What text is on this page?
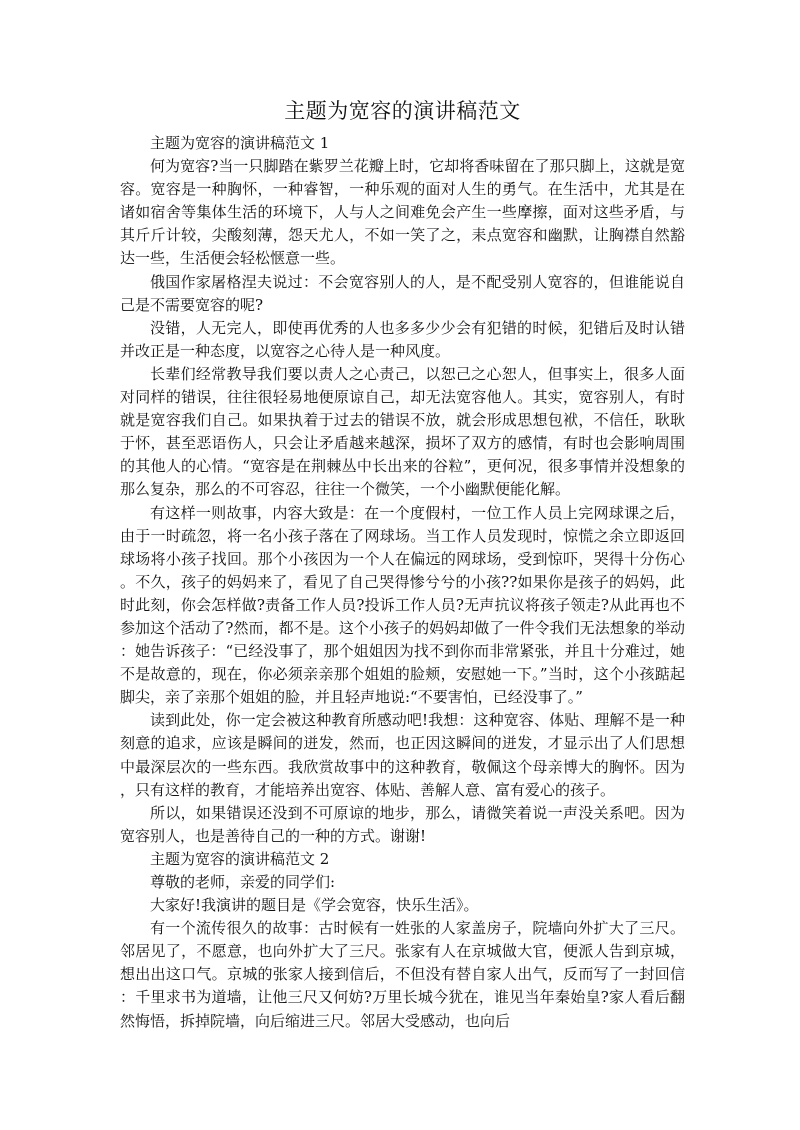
主题为宽容的演讲稿范文

主题为宽容的演讲稿范文 1

何为宽容?当一只脚踏在紫罗兰花瓣上时，它却将香味留在了那只脚上，这就是宽容。宽容是一种胸怀，一种睿智，一种乐观的面对人生的勇气。在生活中，尤其是在诸如宿舍等集体生活的环境下，人与人之间难免会产生一些摩擦，面对这些矛盾，与其斤斤计较，尖酸刻薄，怨天尤人，不如一笑了之，耒点宽容和幽默，让胸襟自然豁达一些，生活便会轻松惬意一些。

俄国作家屠格涅夫说过：不会宽容别人的人，是不配受别人宽容的，但谁能说自己是不需要宽容的呢?

没错，人无完人，即使再优秀的人也多多少少会有犯错的时候，犯错后及时认错并改正是一种态度，以宽容之心待人是一种风度。

长辈们经常教导我们要以责人之心责己，以恕己之心恕人，但事实上，很多人面对同样的错误，往往很轻易地便原谅自己，却无法宽容他人。其实，宽容别人，有时就是宽容我们自己。如果执着于过去的错误不放，就会形成思想包袱，不信任，耿耿于怀，甚至恶语伤人，只会让矛盾越来越深，损坏了双方的感情，有时也会影响周围的其他人的心情。“宽容是在荆棘丛中长出来的谷粒”，更何况，很多事情并没想象的那么复杂，那么的不可容忍，往往一个微笑，一个小幽默便能化解。

有这样一则故事，内容大致是：在一个度假村，一位工作人员上完网球课之后，由于一时疏忽，将一名小孩子落在了网球场。当工作人员发现时，惊慌之余立即返回球场将小孩子找回。那个小孩因为一个人在偏远的网球场，受到惊吓，哭得十分伤心。不久，孩子的妈妈来了，看见了自己哭得惨兮兮的小孩??如果你是孩子的妈妈，此时此刻，你会怎样做?责备工作人员?投诉工作人员?无声抗议将孩子领走?从此再也不参加这个活动了?然而，都不是。这个小孩子的妈妈却做了一件令我们无法想象的举动：她告诉孩子：“已经没事了，那个姐姐因为找不到你而非常紧张，并且十分难过，她不是故意的，现在，你必须亲亲那个姐姐的脸颊，安慰她一下。”当时，这个小孩踮起脚尖，亲了亲那个姐姐的脸，并且轻声地说:“不要害怕，已经没事了。”

读到此处，你一定会被这种教育所感动吧!我想：这种宽容、体贴、理解不是一种刻意的追求，应该是瞬间的迸发，然而，也正因这瞬间的迸发，才显示出了人们思想中最深层次的一些东西。我欣赏故事中的这种教育，敬佩这个母亲博大的胸怀。因为，只有这样的教育，才能培养出宽容、体贴、善解人意、富有爱心的孩子。

所以，如果错误还没到不可原谅的地步，那么，请微笑着说一声没关系吧。因为宽容别人，也是善待自己的一种的方式。谢谢!

主题为宽容的演讲稿范文 2

尊敬的老师，亲爱的同学们:

大家好!我演讲的题目是《学会宽容，快乐生活》。

有一个流传很久的故事：古时候有一姓张的人家盖房子，院墙向外扩大了三尺。邻居见了，不愿意，也向外扩大了三尺。张家有人在京城做大官，便派人告到京城，想出出这口气。京城的张家人接到信后，不但没有替自家人出气，反而写了一封回信：千里求书为道墙，让他三尺又何妨?万里长城今犹在，谁见当年秦始皇?家人看后翻然悔悟，拆掉院墙，向后缩进三尺。邻居大受感动，也向后
